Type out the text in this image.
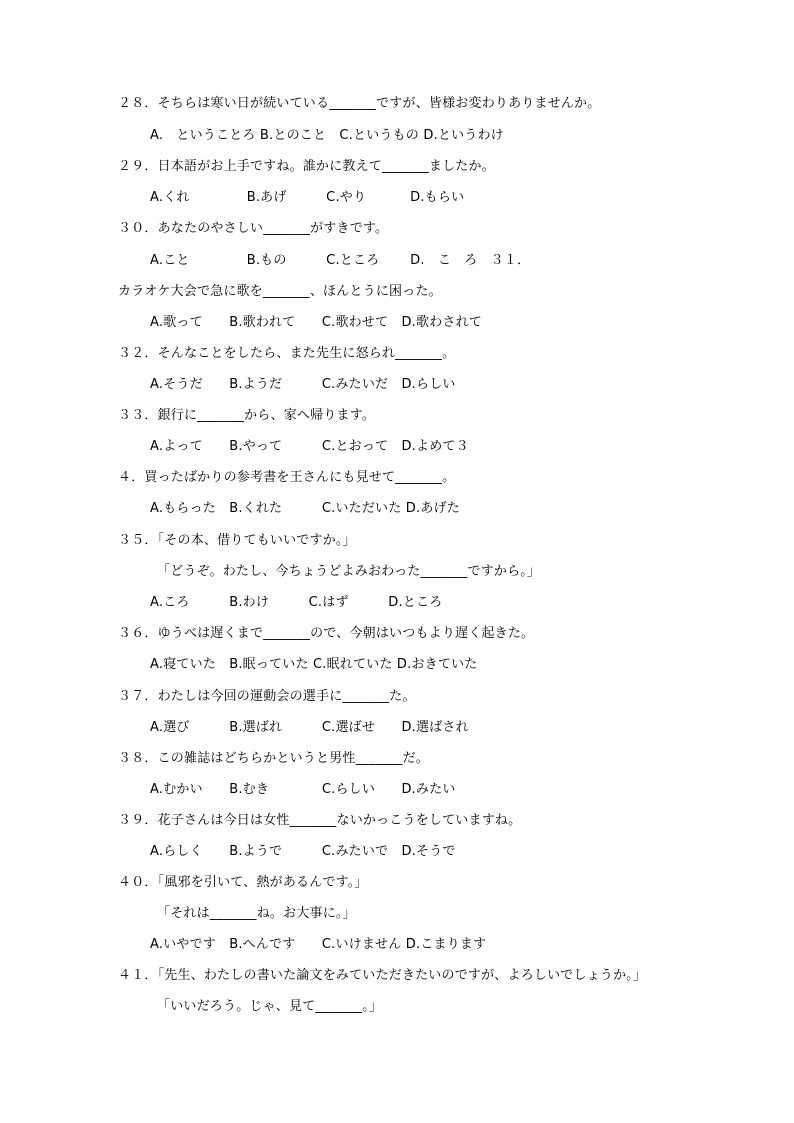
２８．そちらは寒い日が続いている_______ですが、皆様お変わりありませんか。
A.　ということろ B.とのこと　C.というもの D.というわけ
２９．日本語がお上手ですね。誰かに教えて_______ましたか。
A.くれ　　　　 B.あげ　　　C.やり　　　 D.もらい
３０．あなたのやさしい_______がすきです。
A.こと　　　　 B.もの　　　C.ところ　　 D.　こ　ろ　３１．
カラオケ大会で急に歌を_______、ほんとうに困った。
A.歌って　　B.歌われて　　C.歌わせて　D.歌わされて
３２．そんなことをしたら、また先生に怒られ_______。
A.そうだ　　B.ようだ　　　C.みたいだ　D.らしい
３３．銀行に_______から、家へ帰ります。
A.よって　　B.やって　　　C.とおって　D.よめて３
４．買ったばかりの参考書を王さんにも見せて_______。
A.もらった　B.くれた　　　C.いただいた D.あげた
３５．「その本、借りてもいいですか。」
「どうぞ。わたし、今ちょうどよみおわった_______ですから。」
A.ころ　　　B.わけ　　　C.はず　　　D.ところ
３６．ゆうべは遅くまで_______ので、今朝はいつもより遅く起きた。
A.寝ていた　B.眠っていた C.眠れていた D.おきていた
３７．わたしは今回の運動会の選手に_______た。
A.選び　　　B.選ばれ　　　C.選ばせ　　D.選ばされ
３８．この雑誌はどちらかというと男性_______だ。
A.むかい　　B.むき　　　　C.らしい　　D.みたい
３９．花子さんは今日は女性_______ないかっこうをしていますね。
A.らしく　　B.ようで　　　C.みたいで　D.そうで
４０．「風邪を引いて、熱があるんです。」
「それは_______ね。お大事に。」
A.いやです　B.へんです　　C.いけません D.こまります
４１．「先生、わたしの書いた論文をみていただきたいのですが、よろしいでしょうか。」
「いいだろう。じゃ、見て_______。」
